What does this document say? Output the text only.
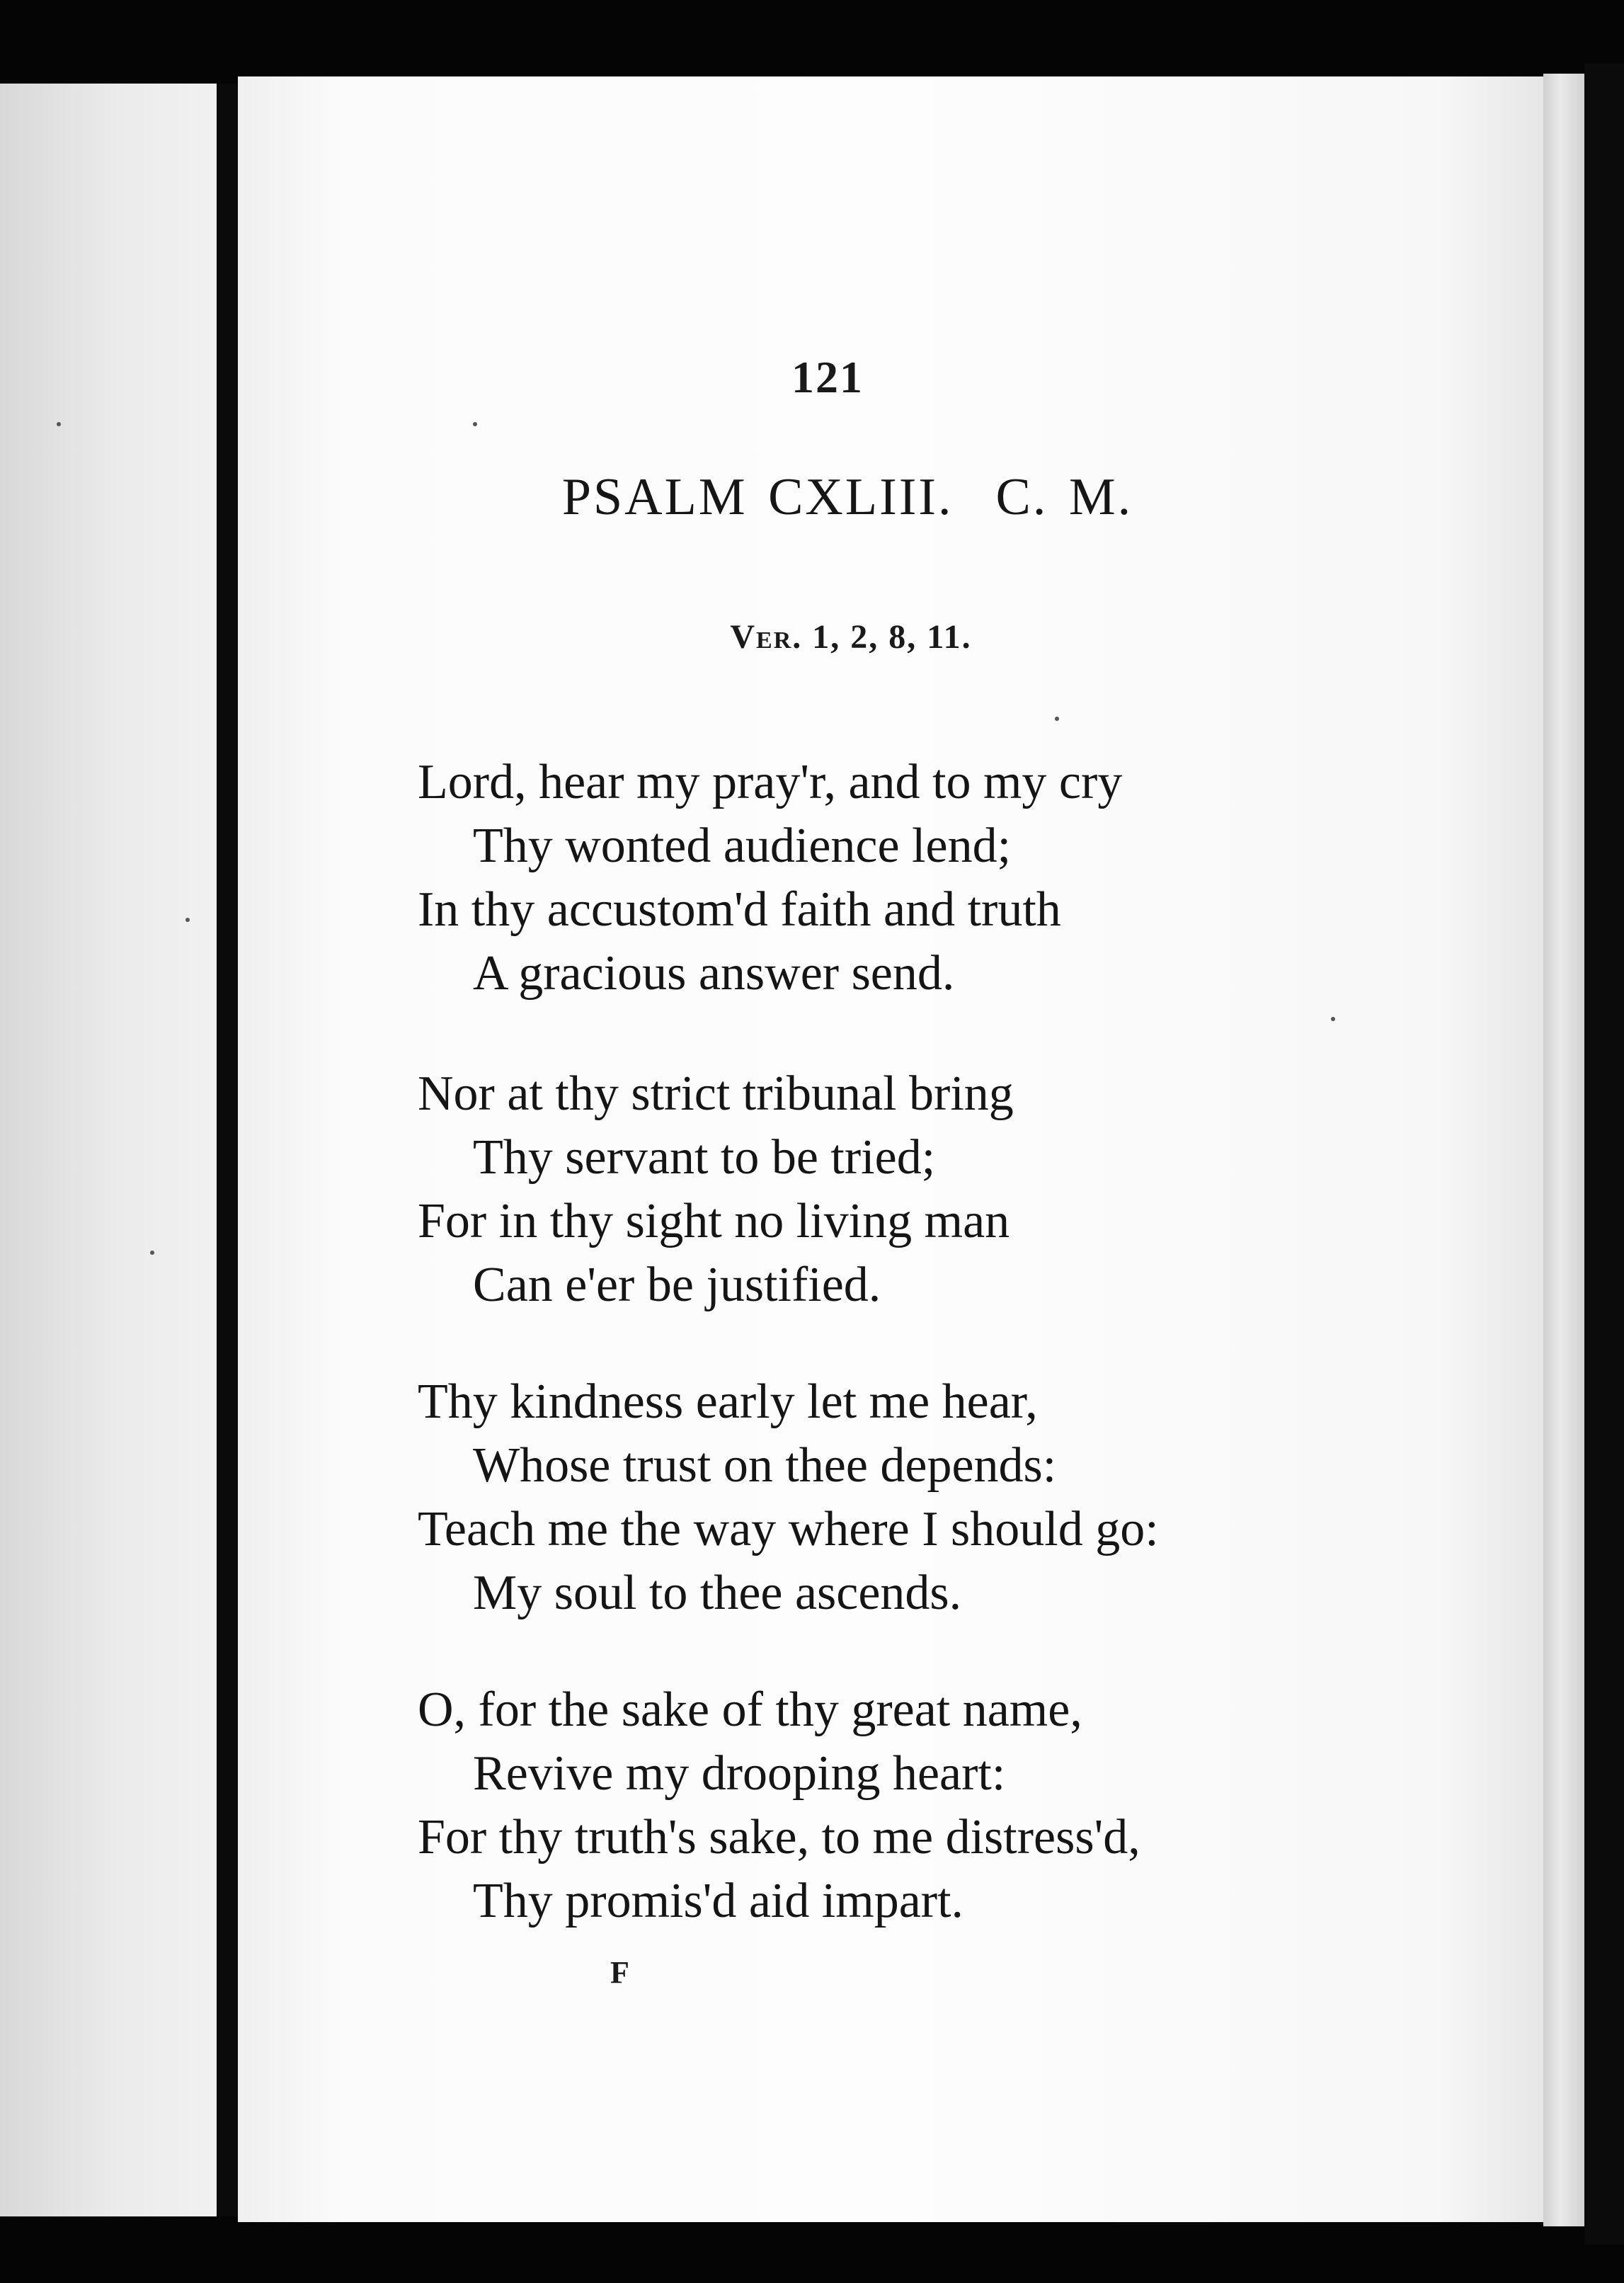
121
PSALM CXLIII. C. M.
Ver. 1, 2, 8, 11.
Lord, hear my pray'r, and to my cry
Thy wonted audience lend;
In thy accustom'd faith and truth
A gracious answer send.
Nor at thy strict tribunal bring
Thy servant to be tried;
For in thy sight no living man
Can e'er be justified.
Thy kindness early let me hear,
Whose trust on thee depends:
Teach me the way where I should go:
My soul to thee ascends.
O, for the sake of thy great name,
Revive my drooping heart:
For thy truth's sake, to me distress'd,
Thy promis'd aid impart.
F
